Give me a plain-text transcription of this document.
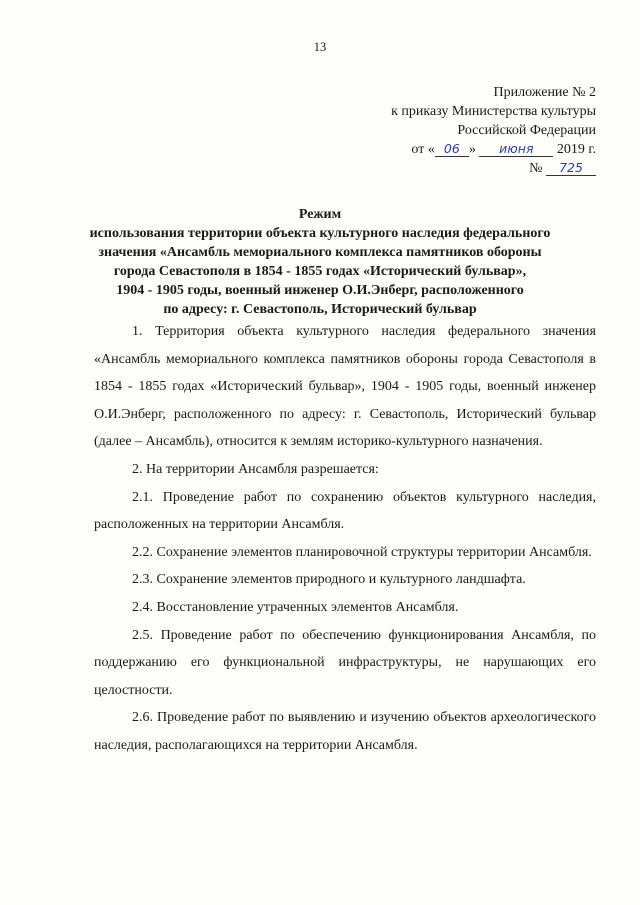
13
Приложение № 2
к приказу Министерства культуры
Российской Федерации
от « 06 » июня 2019 г.
№ 725
Режим
использования территории объекта культурного наследия федерального
значения «Ансамбль мемориального комплекса памятников обороны
города Севастополя в 1854 - 1855 годах «Исторический бульвар»,
1904 - 1905 годы, военный инженер О.И.Энберг, расположенного
по адресу: г. Севастополь, Исторический бульвар

1. Территория объекта культурного наследия федерального значения «Ансамбль мемориального комплекса памятников обороны города Севастополя в 1854 - 1855 годах «Исторический бульвар», 1904 - 1905 годы, военный инженер О.И.Энберг, расположенного по адресу: г. Севастополь, Исторический бульвар (далее – Ансамбль), относится к землям историко-культурного назначения.

2. На территории Ансамбля разрешается:

2.1. Проведение работ по сохранению объектов культурного наследия, расположенных на территории Ансамбля.

2.2. Сохранение элементов планировочной структуры территории Ансамбля.

2.3. Сохранение элементов природного и культурного ландшафта.

2.4. Восстановление утраченных элементов Ансамбля.

2.5. Проведение работ по обеспечению функционирования Ансамбля, по поддержанию его функциональной инфраструктуры, не нарушающих его целостности.

2.6. Проведение работ по выявлению и изучению объектов археологического наследия, располагающихся на территории Ансамбля.
